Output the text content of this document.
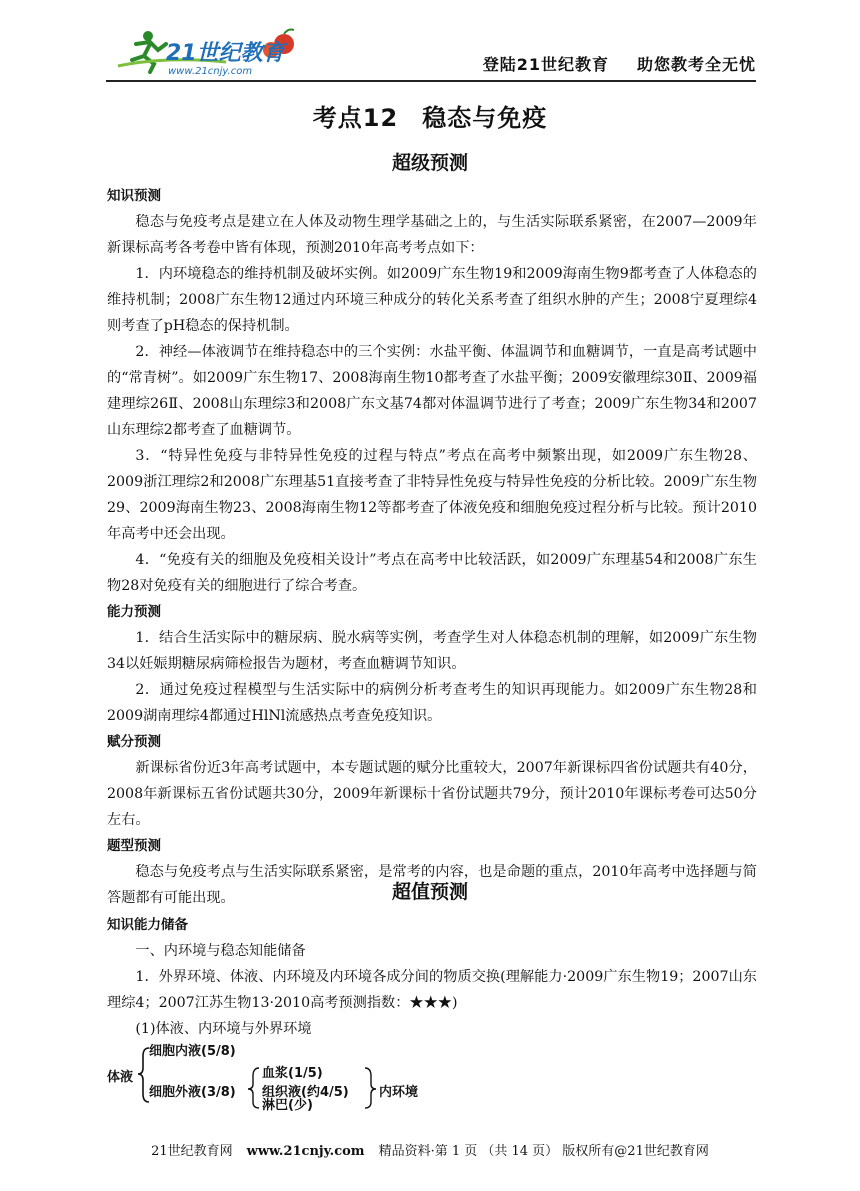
21世纪教育
www.21cnjy.com	登陆21世纪教育 助您教考全无忧
考点12 稳态与免疫
超级预测
知识预测

稳态与免疫考点是建立在人体及动物生理学基础之上的，与生活实际联系紧密，在2007—2009年新课标高考各考卷中皆有体现，预测2010年高考考点如下：

1．内环境稳态的维持机制及破坏实例。如2009广东生物19和2009海南生物9都考查了人体稳态的维持机制；2008广东生物12通过内环境三种成分的转化关系考查了组织水肿的产生；2008宁夏理综4则考查了pH稳态的保持机制。

2．神经—体液调节在维持稳态中的三个实例：水盐平衡、体温调节和血糖调节，一直是高考试题中的“常青树”。如2009广东生物17、2008海南生物10都考查了水盐平衡；2009安徽理综30Ⅱ、2009福建理综26Ⅱ、2008山东理综3和2008广东文基74都对体温调节进行了考查；2009广东生物34和2007山东理综2都考查了血糖调节。

3．“特异性免疫与非特异性免疫的过程与特点”考点在高考中频繁出现，如2009广东生物28、2009浙江理综2和2008广东理基51直接考查了非特异性免疫与特异性免疫的分析比较。2009广东生物29、2009海南生物23、2008海南生物12等都考查了体液免疫和细胞免疫过程分析与比较。预计2010年高考中还会出现。

4．“免疫有关的细胞及免疫相关设计”考点在高考中比较活跃，如2009广东理基54和2008广东生物28对免疫有关的细胞进行了综合考查。

能力预测

1．结合生活实际中的糖尿病、脱水病等实例，考查学生对人体稳态机制的理解，如2009广东生物34以妊娠期糖尿病筛检报告为题材，考查血糖调节知识。

2．通过免疫过程模型与生活实际中的病例分析考查考生的知识再现能力。如2009广东生物28和2009湖南理综4都通过HlNl流感热点考查免疫知识。

赋分预测

新课标省份近3年高考试题中，本专题试题的赋分比重较大，2007年新课标四省份试题共有40分，2008年新课标五省份试题共30分，2009年新课标十省份试题共79分，预计2010年课标考卷可达50分左右。

题型预测

稳态与免疫考点与生活实际联系紧密，是常考的内容，也是命题的重点，2010年高考中选择题与简答题都有可能出现。	超值预测
知识能力储备

一、内环境与稳态知能储备

1．外界环境、体液、内环境及内环境各成分间的物质交换(理解能力·2009广东生物19；2007山东理综4；2007江苏生物13·2010高考预测指数：★★★)

(1)体液、内环境与外界环境

体液
细胞内液(5/8)
细胞外液(3/8)
血浆(1/5)
组织液(约4/5)
淋巴(少)
内环境
21世纪教育网 www.21cnjy.com 精品资料·第 1 页 （共 14 页） 版权所有@21世纪教育网
